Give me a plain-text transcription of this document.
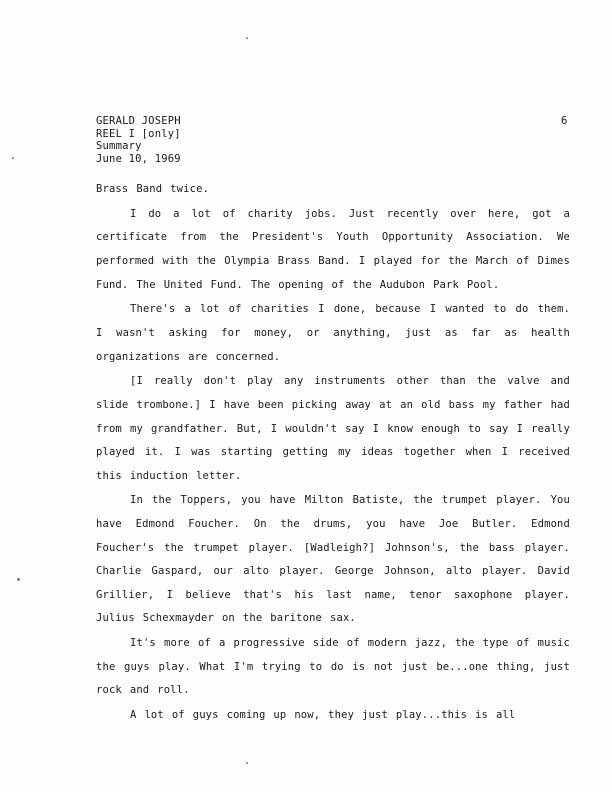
GERALD JOSEPH
REEL I [only]
Summary
June 10, 1969
6

Brass Band twice.

I do a lot of charity jobs. Just recently over here, got a certificate from the President's Youth Opportunity Association. We performed with the Olympia Brass Band. I played for the March of Dimes Fund. The United Fund. The opening of the Audubon Park Pool.

There's a lot of charities I done, because I wanted to do them. I wasn't asking for money, or anything, just as far as health organizations are concerned.

[I really don't play any instruments other than the valve and slide trombone.] I have been picking away at an old bass my father had from my grandfather. But, I wouldn't say I know enough to say I really played it. I was starting getting my ideas together when I received this induction letter.

In the Toppers, you have Milton Batiste, the trumpet player. You have Edmond Foucher. On the drums, you have Joe Butler. Edmond Foucher's the trumpet player. [Wadleigh?] Johnson's, the bass player. Charlie Gaspard, our alto player. George Johnson, alto player. David Grillier, I believe that's his last name, tenor saxophone player. Julius Schexmayder on the baritone sax.

It's more of a progressive side of modern jazz, the type of music the guys play. What I'm trying to do is not just be...one thing, just rock and roll.

A lot of guys coming up now, they just play...this is all
